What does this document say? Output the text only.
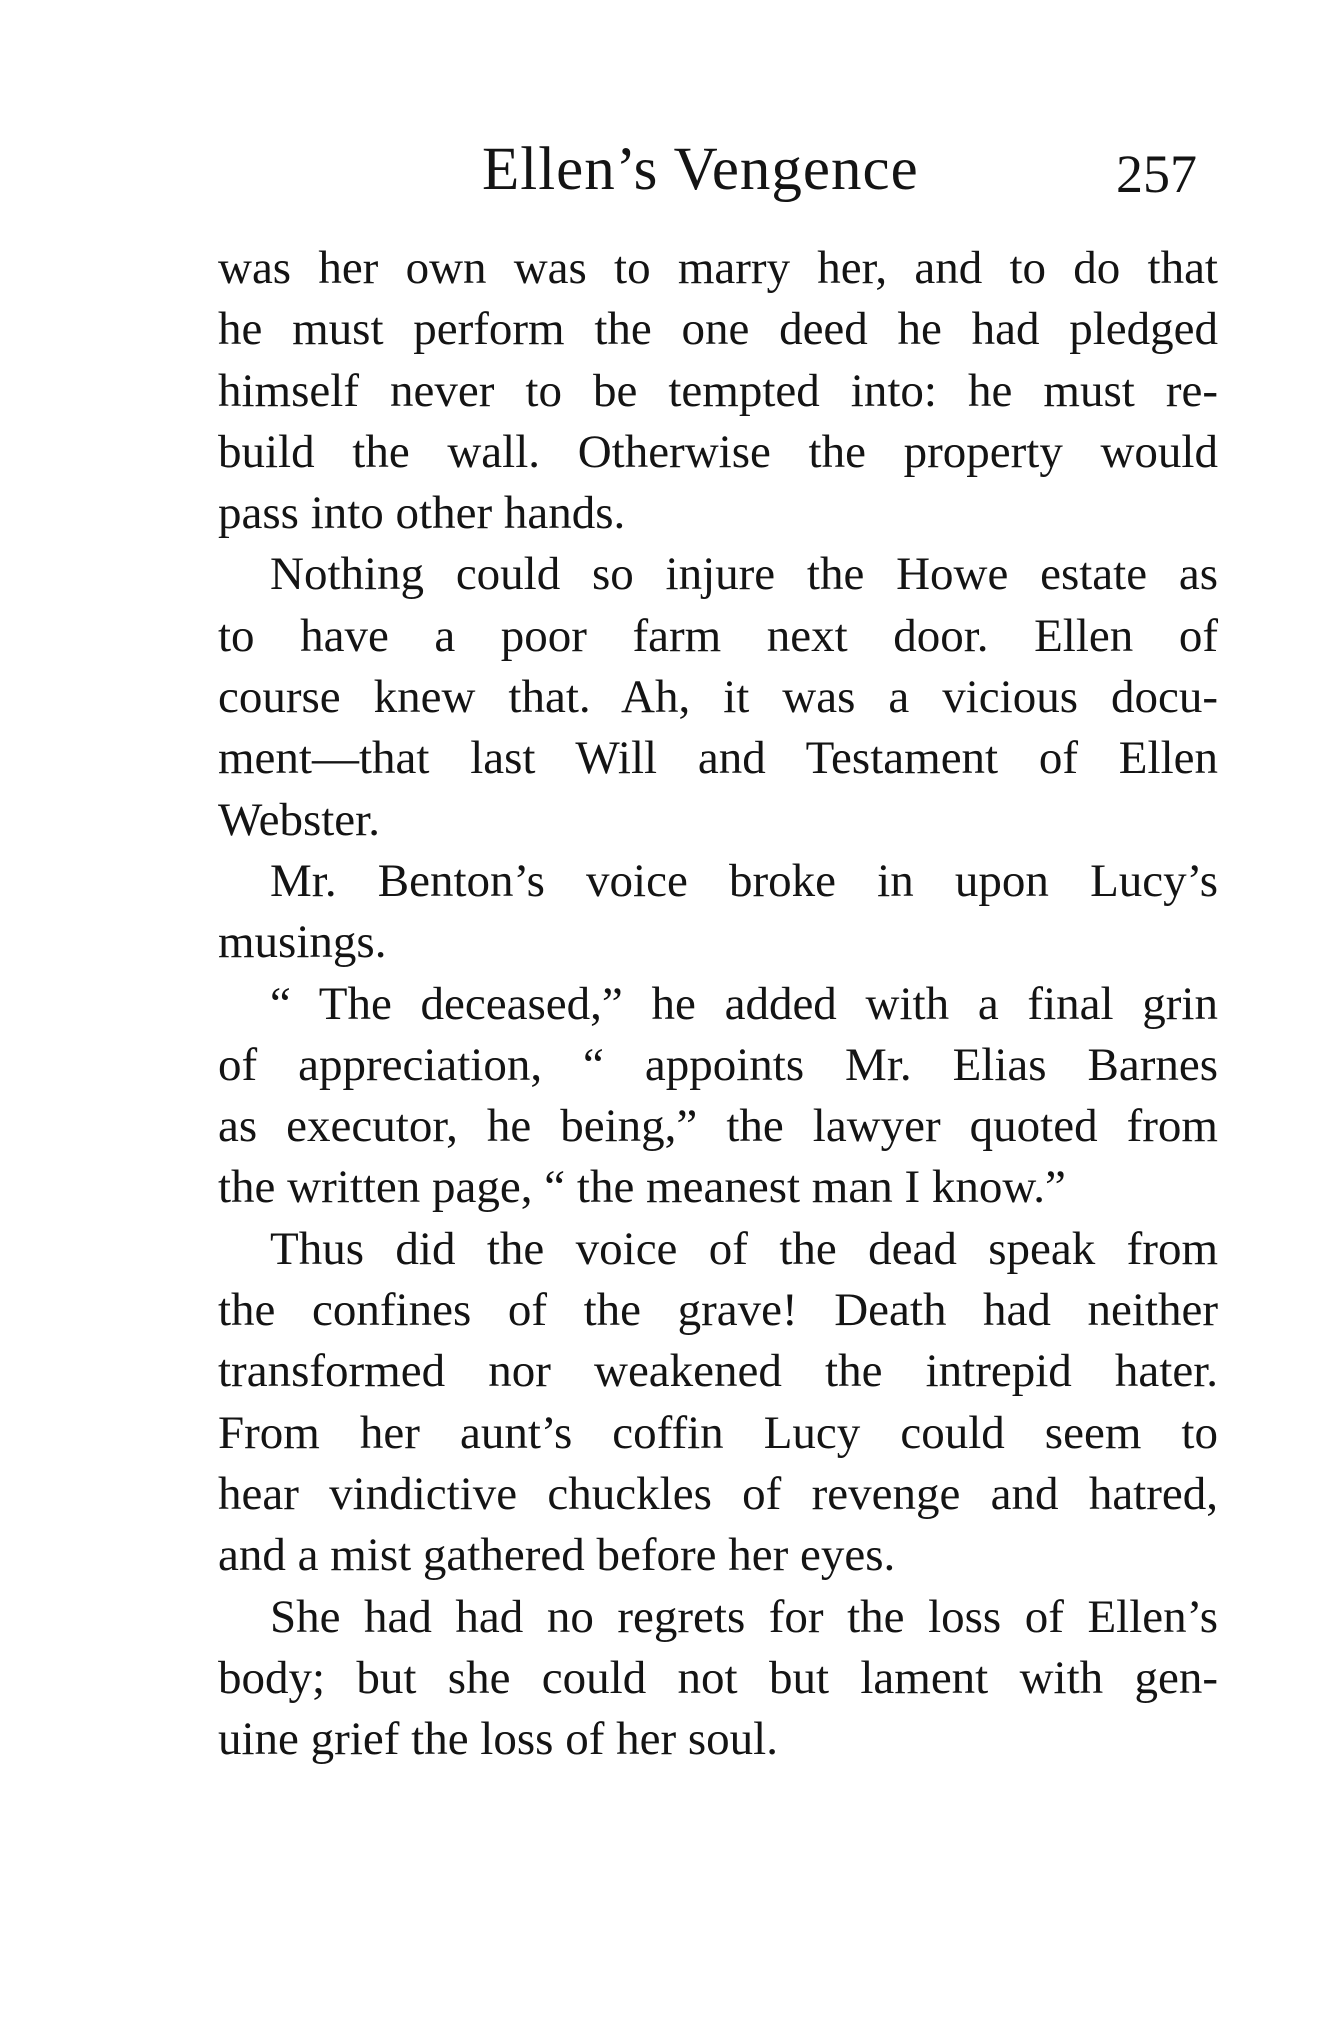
Ellen’s Vengence	257

was her own was to marry her, and to do that
he must perform the one deed he had pledged
himself never to be tempted into: he must re-
build the wall. Otherwise the property would
pass into other hands.

Nothing could so injure the Howe estate as
to have a poor farm next door. Ellen of
course knew that. Ah, it was a vicious docu-
ment—that last Will and Testament of Ellen
Webster.

Mr. Benton’s voice broke in upon Lucy’s
musings.

“ The deceased,” he added with a final grin
of appreciation, “ appoints Mr. Elias Barnes
as executor, he being,” the lawyer quoted from
the written page, “ the meanest man I know.”

Thus did the voice of the dead speak from
the confines of the grave! Death had neither
transformed nor weakened the intrepid hater.
From her aunt’s coffin Lucy could seem to
hear vindictive chuckles of revenge and hatred,
and a mist gathered before her eyes.

She had had no regrets for the loss of Ellen’s
body; but she could not but lament with gen-
uine grief the loss of her soul.
